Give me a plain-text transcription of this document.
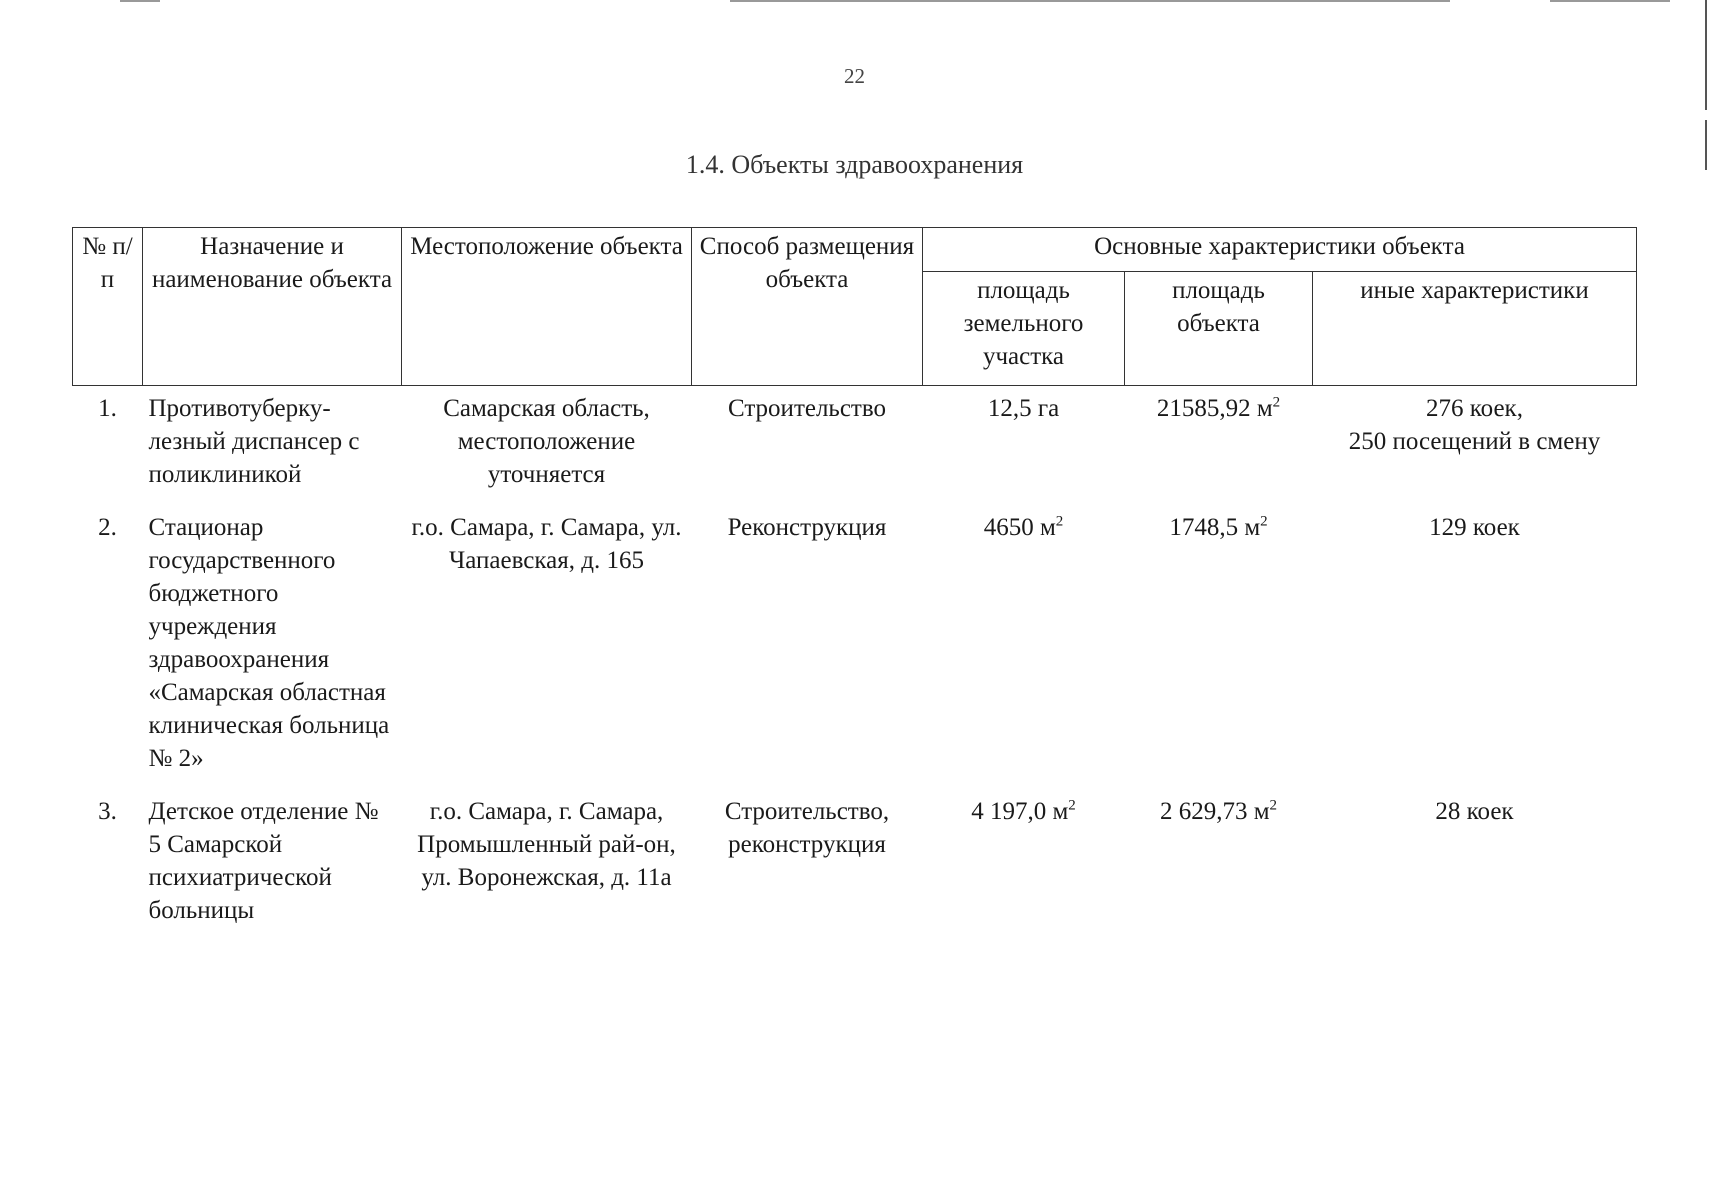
22
1.4. Объекты здравоохранения
№ п/п	Назначение и наименование объекта	Местоположение объекта	Способ размещения объекта	Основные характеристики объекта		
				площадь земельного участка	площадь объекта	иные характеристики
1.	Противотуберку-лезный диспансер с поликлиникой	Самарская область, местоположение уточняется	Строительство	12,5 га	21585,92 $м^2$	276 коек,
250 посещений в смену
2.	Стационар государственного бюджетного учреждения здравоохранения «Самарская областная клиническая больница № 2»	г.о. Самара, г. Самара, ул. Чапаевская, д. 165	Реконструкция	4650 $м^2$	1748,5 $м^2$	129 коек
3.	Детское отделение № 5 Самарской психиатрической больницы	г.о. Самара, г. Самара, Промышленный рай-он, ул. Воронежская, д. 11а	Строительство, реконструкция	4 197,0 $м^2$	2 629,73 $м^2$	28 коек
